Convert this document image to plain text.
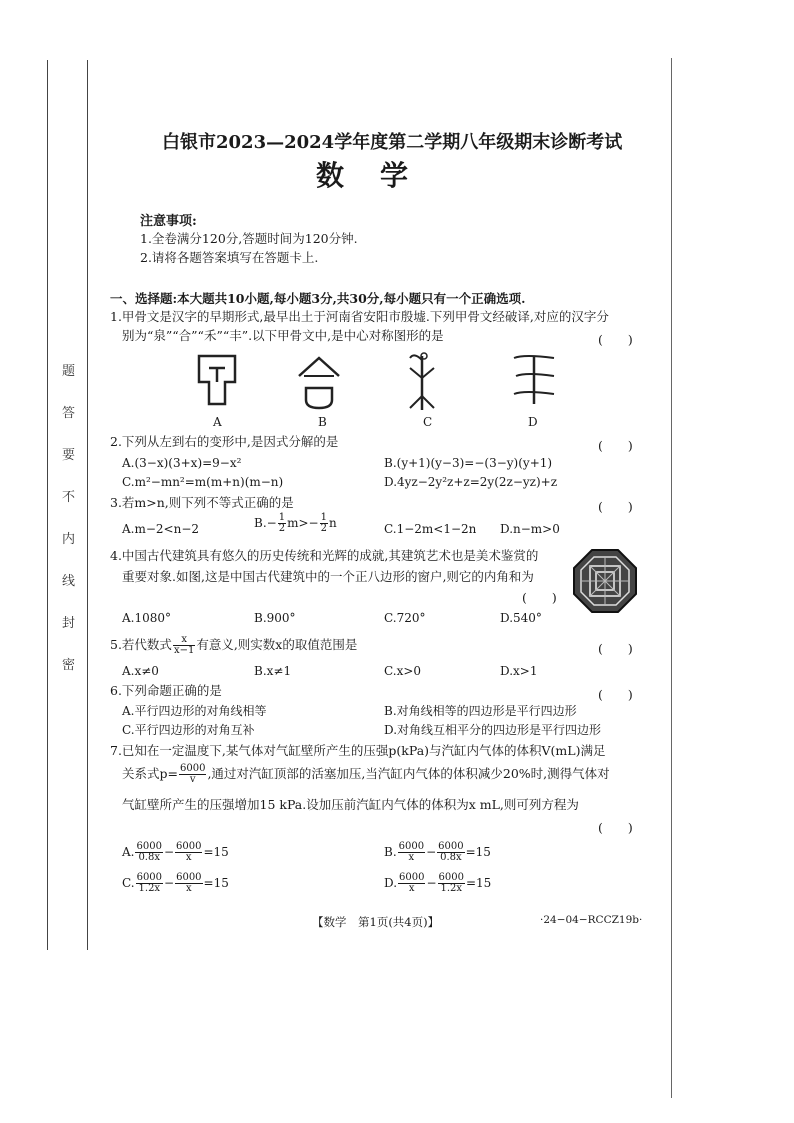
题
答
要
不
内
线
封
密
白银市2023—2024学年度第二学期八年级期末诊断考试
数　学
注意事项:
1.全卷满分120分,答题时间为120分钟.
2.请将各题答案填写在答题卡上.
一、选择题:本大题共10小题,每小题3分,共30分,每小题只有一个正确选项.
1.甲骨文是汉字的早期形式,最早出土于河南省安阳市殷墟.下列甲骨文经破译,对应的汉字分
别为“泉”“合”“禾”“丰”.以下甲骨文中,是中心对称图形的是	(　　)
A	B	C	D
2.下列从左到右的变形中,是因式分解的是	(　　)
A.(3−x)(3+x)=9−x²	B.(y+1)(y−3)=−(3−y)(y+1)
C.m²−mn²=m(m+n)(m−n)	D.4yz−2y²z+z=2y(2z−yz)+z
3.若m>n,则下列不等式正确的是	(　　)
A.m−2<n−2	$B.- \frac{1}{2} m>- \frac{1}{2}$ n	C.1−2m<1−2n D.n−m>0
4.中国古代建筑具有悠久的历史传统和光辉的成就,其建筑艺术也是美术鉴赏的
重要对象.如图,这是中国古代建筑中的一个正八边形的窗户,则它的内角和为
(　　)
A.1080°	B.900°	C.720°	D.540°
5.若代数式 $\frac{x}{x-1}$ 有意义,则实数x的取值范围是	(　　)
A.x≠0	B.x≠1	C.x>0	D.x>1
6.下列命题正确的是	(　　)
A.平行四边形的对角线相等	B.对角线相等的四边形是平行四边形
C.平行四边形的对角互补	D.对角线互相平分的四边形是平行四边形
7.已知在一定温度下,某气体对气缸壁所产生的压强p(kPa)与汽缸内气体的体积V(mL)满足
关系式$p= \frac{6000}{v}$ ,通过对汽缸顶部的活塞加压,当汽缸内气体的体积减少20%时,测得气体对
气缸壁所产生的压强增加15 kPa.设加压前汽缸内气体的体积为x mL,则可列方程为
(　　)
A. $\frac{6000}{0.8x} - \frac{6000}{x} =15$	B. $\frac{6000}{x} - \frac{6000}{0.8x} =15$
C. $\frac{6000}{1.2x} - \frac{6000}{x} =15$	D. $\frac{6000}{x} - \frac{6000}{1.2x} =15$
【数学　第1页(共4页)】	·24−04−RCCZ19b·
